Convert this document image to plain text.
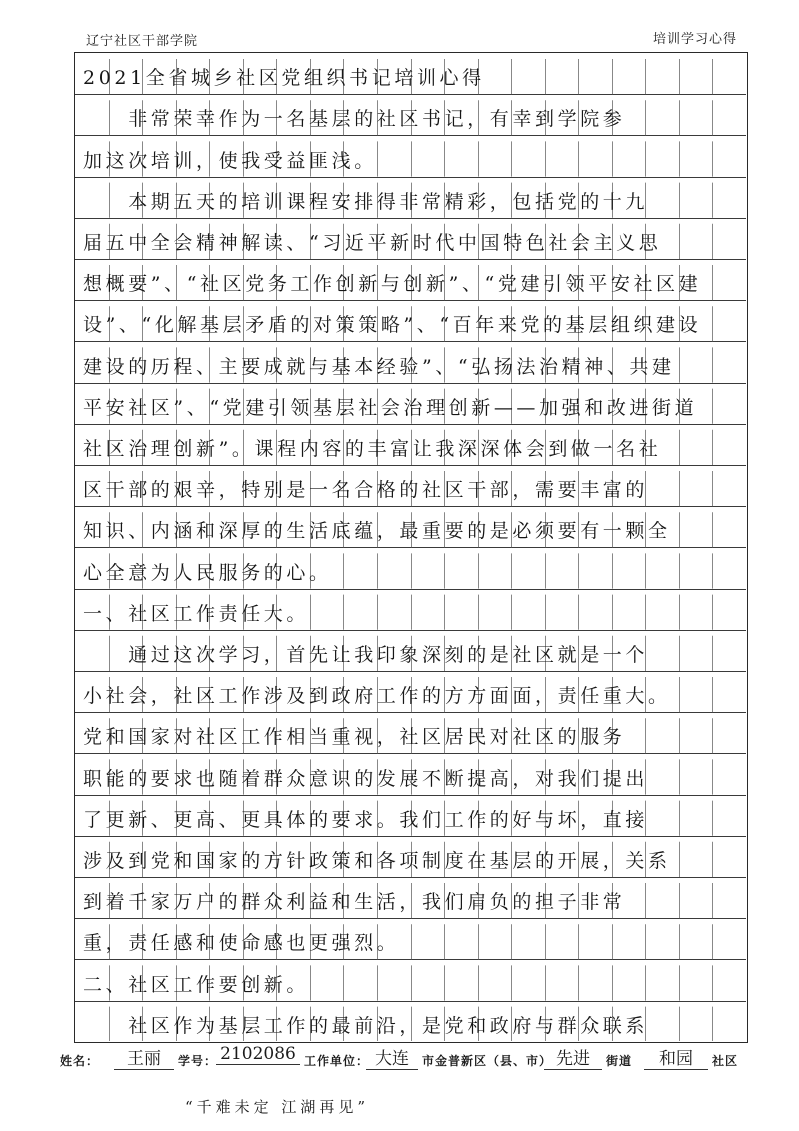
辽宁社区干部学院	培训学习心得
2021全省城乡社区党组织书记培训心得
　　非常荣幸作为一名基层的社区书记，有幸到学院参
加这次培训，使我受益匪浅。
　　本期五天的培训课程安排得非常精彩，包括党的十九
届五中全会精神解读、“习近平新时代中国特色社会主义思
想概要”、“社区党务工作创新与创新”、“党建引领平安社区建
设”、“化解基层矛盾的对策策略”、“百年来党的基层组织建设
建设的历程、主要成就与基本经验”、“弘扬法治精神、共建
平安社区”、“党建引领基层社会治理创新——加强和改进街道
社区治理创新”。课程内容的丰富让我深深体会到做一名社
区干部的艰辛，特别是一名合格的社区干部，需要丰富的
知识、内涵和深厚的生活底蕴，最重要的是必须要有一颗全
心全意为人民服务的心。
一、社区工作责任大。
　　通过这次学习，首先让我印象深刻的是社区就是一个
小社会，社区工作涉及到政府工作的方方面面，责任重大。
党和国家对社区工作相当重视，社区居民对社区的服务
职能的要求也随着群众意识的发展不断提高，对我们提出
了更新、更高、更具体的要求。我们工作的好与坏，直接
涉及到党和国家的方针政策和各项制度在基层的开展，关系
到着千家万户的群众利益和生活，我们肩负的担子非常
重，责任感和使命感也更强烈。
二、社区工作要创新。
　　社区作为基层工作的最前沿，是党和政府与群众联系
姓名：	王丽	学号： 2102086 工作单位： 大连	市金普新区（县、市） 先进	街道	和园	社区
“千难未定 江湖再见”
